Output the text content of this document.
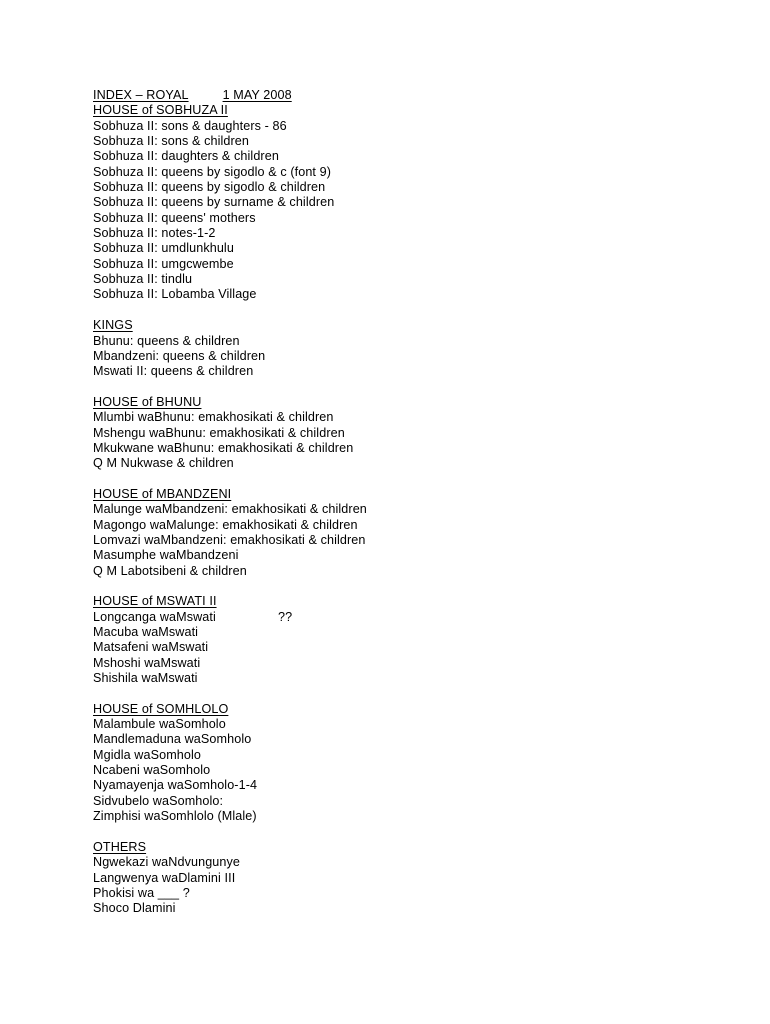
INDEX – ROYAL	1 MAY 2008
HOUSE of SOBHUZA II
Sobhuza II: sons & daughters - 86
Sobhuza II: sons & children
Sobhuza II: daughters & children
Sobhuza II: queens by sigodlo & c (font 9)
Sobhuza II: queens by sigodlo & children
Sobhuza II: queens by surname & children
Sobhuza II: queens' mothers
Sobhuza II: notes-1-2
Sobhuza II: umdlunkhulu
Sobhuza II: umgcwembe
Sobhuza II: tindlu
Sobhuza II: Lobamba Village
KINGS
Bhunu: queens & children
Mbandzeni: queens & children
Mswati II: queens & children
HOUSE of BHUNU
Mlumbi waBhunu: emakhosikati & children
Mshengu waBhunu: emakhosikati & children
Mkukwane waBhunu: emakhosikati & children
Q M Nukwase & children
HOUSE of MBANDZENI
Malunge waMbandzeni: emakhosikati & children
Magongo waMalunge: emakhosikati & children
Lomvazi waMbandzeni: emakhosikati & children
Masumphe waMbandzeni
Q M Labotsibeni & children
HOUSE of MSWATI II
Longcanga waMswati	??
Macuba waMswati
Matsafeni waMswati
Mshoshi waMswati
Shishila waMswati
HOUSE of SOMHLOLO
Malambule waSomholo
Mandlemaduna waSomholo
Mgidla waSomholo
Ncabeni waSomholo
Nyamayenja waSomholo-1-4
Sidvubelo waSomholo:
Zimphisi waSomhlolo (Mlale)
OTHERS
Ngwekazi waNdvungunye
Langwenya waDlamini III
Phokisi wa ___ ?
Shoco Dlamini
